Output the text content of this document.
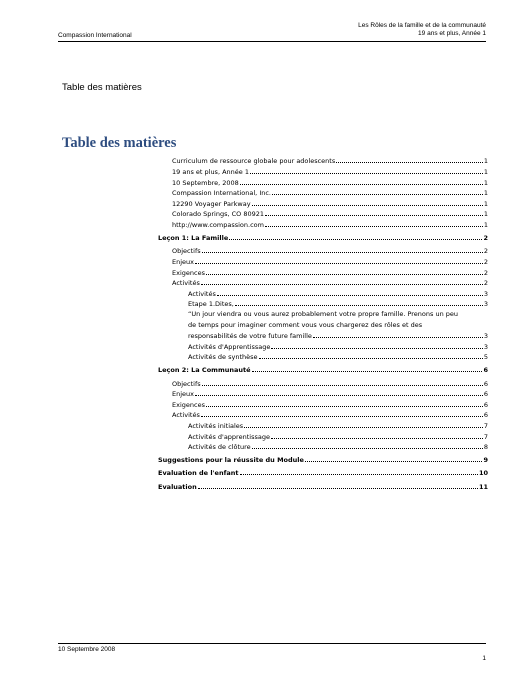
Compassion International
Les Rôles de la famille et de la communauté
19 ans et plus, Année 1
Table des matières
Table des matières
Curriculum de ressource globale pour adolescents	1
19 ans et plus, Année 1	1
10 Septembre, 2008	1
Compassion International, Inc.	1
12290 Voyager Parkway	1
Colorado Springs, CO 80921	1
http://www.compassion.com	1
Leçon 1: La Famille	2
Objectifs	2
Enjeux	2
Exigences	2
Activités	2
Activités	3
Etape 1.Dites,	3
“Un jour viendra ou vous aurez probablement votre propre famille. Prenons un peu
de temps pour imaginer comment vous vous chargerez des rôles et des
responsabilités de votre future famille	3
Activités d'Apprentissage	3
Activités de synthèse	5
Leçon 2: La Communauté	6
Objectifs	6
Enjeux	6
Exigences	6
Activités	6
Activités initiales	7
Activités d'apprentissage	7
Activités de clôture	8
Suggestions pour la réussite du Module	9
Evaluation de l'enfant	10
Evaluation	11
10 Septembre 2008
1
